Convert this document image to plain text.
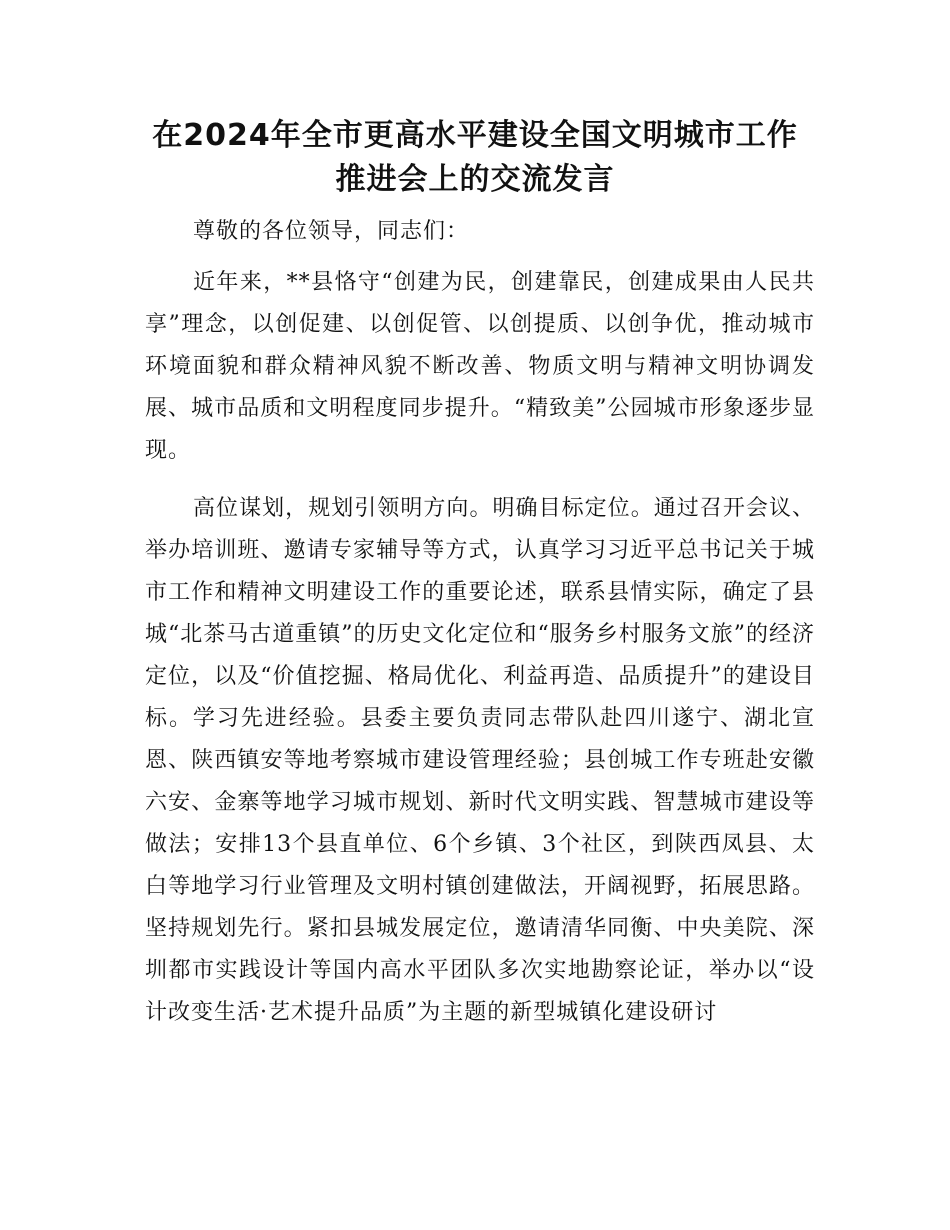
在2024年全市更高水平建设全国文明城市工作
推进会上的交流发言

尊敬的各位领导，同志们：

近年来，**县恪守“创建为民，创建靠民，创建成果由人民共享”理念，以创促建、以创促管、以创提质、以创争优，推动城市环境面貌和群众精神风貌不断改善、物质文明与精神文明协调发展、城市品质和文明程度同步提升。“精致美”公园城市形象逐步显现。

高位谋划，规划引领明方向。明确目标定位。通过召开会议、举办培训班、邀请专家辅导等方式，认真学习习近平总书记关于城市工作和精神文明建设工作的重要论述，联系县情实际，确定了县城“北茶马古道重镇”的历史文化定位和“服务乡村服务文旅”的经济定位，以及“价值挖掘、格局优化、利益再造、品质提升”的建设目标。学习先进经验。县委主要负责同志带队赴四川遂宁、湖北宣恩、陕西镇安等地考察城市建设管理经验；县创城工作专班赴安徽六安、金寨等地学习城市规划、新时代文明实践、智慧城市建设等做法；安排13个县直单位、6个乡镇、3个社区，到陕西凤县、太白等地学习行业管理及文明村镇创建做法，开阔视野，拓展思路。坚持规划先行。紧扣县城发展定位，邀请清华同衡、中央美院、深圳都市实践设计等国内高水平团队多次实地勘察论证，举办以“设计改变生活·艺术提升品质”为主题的新型城镇化建设研讨
